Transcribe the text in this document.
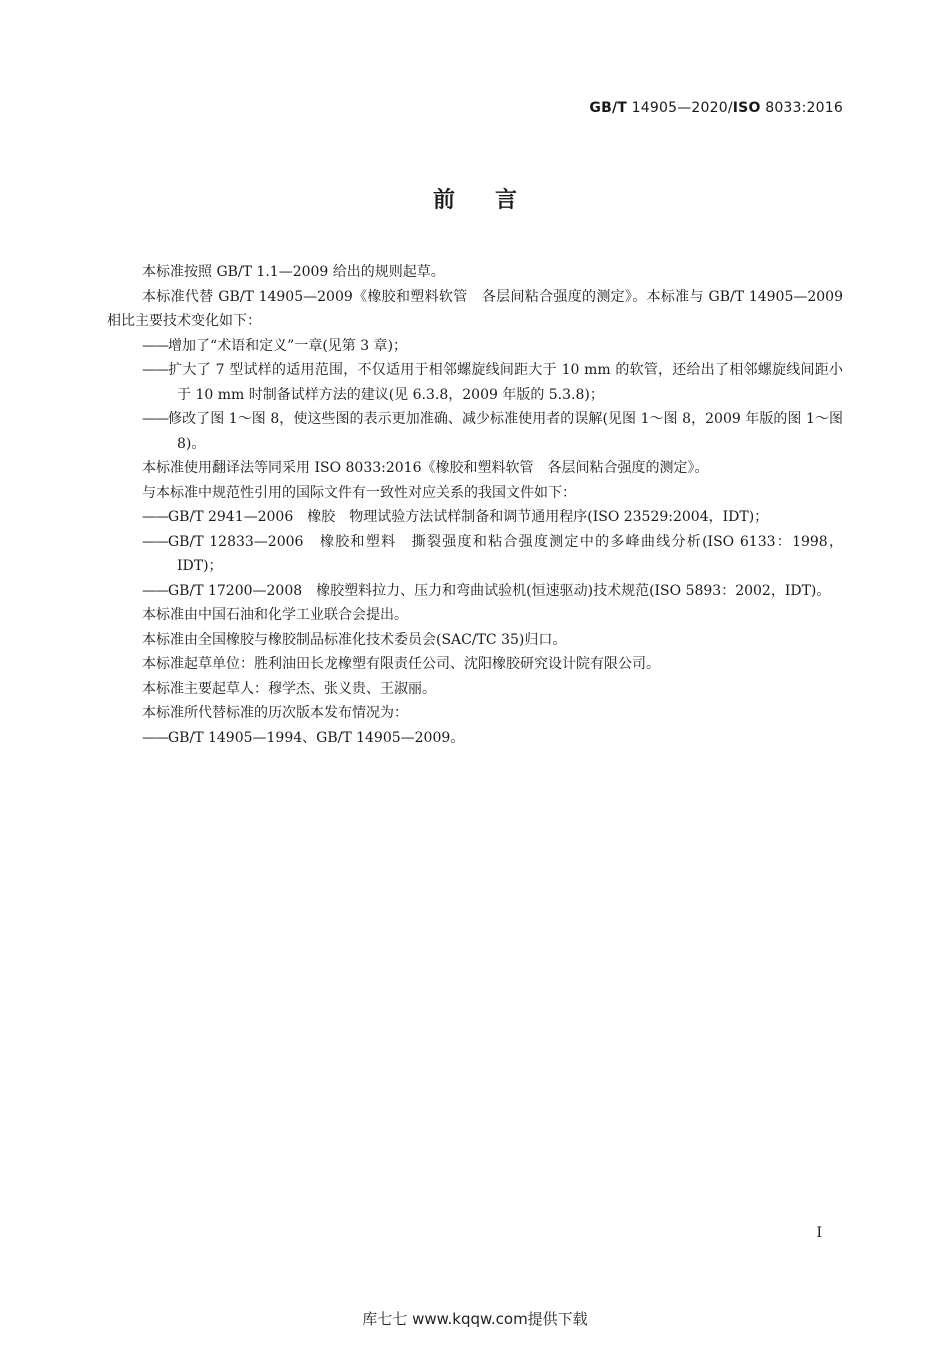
GB/T 14905—2020/ISO 8033:2016
前言

本标准按照 GB/T 1.1—2009 给出的规则起草。

本标准代替 GB/T 14905—2009《橡胶和塑料软管　各层间粘合强度的测定》。本标准与 GB/T 14905—2009 相比主要技术变化如下：

——增加了“术语和定义”一章(见第 3 章)；

——扩大了 7 型试样的适用范围，不仅适用于相邻螺旋线间距大于 10 mm 的软管，还给出了相邻螺旋线间距小于 10 mm 时制备试样方法的建议(见 6.3.8，2009 年版的 5.3.8)；

——修改了图 1～图 8，使这些图的表示更加准确、减少标准使用者的误解(见图 1～图 8，2009 年版的图 1～图 8)。

本标准使用翻译法等同采用 ISO 8033:2016《橡胶和塑料软管　各层间粘合强度的测定》。

与本标准中规范性引用的国际文件有一致性对应关系的我国文件如下：

——GB/T 2941—2006　橡胶　物理试验方法试样制备和调节通用程序(ISO 23529:2004，IDT)；

——GB/T 12833—2006　橡胶和塑料　撕裂强度和粘合强度测定中的多峰曲线分析(ISO 6133：1998，IDT)；

——GB/T 17200—2008　橡胶塑料拉力、压力和弯曲试验机(恒速驱动)技术规范(ISO 5893：2002，IDT)。

本标准由中国石油和化学工业联合会提出。

本标准由全国橡胶与橡胶制品标准化技术委员会(SAC/TC 35)归口。

本标准起草单位：胜利油田长龙橡塑有限责任公司、沈阳橡胶研究设计院有限公司。

本标准主要起草人：穆学杰、张义贵、王淑丽。

本标准所代替标准的历次版本发布情况为：

——GB/T 14905—1994、GB/T 14905—2009。

I
库七七 www.kqqw.com提供下载
